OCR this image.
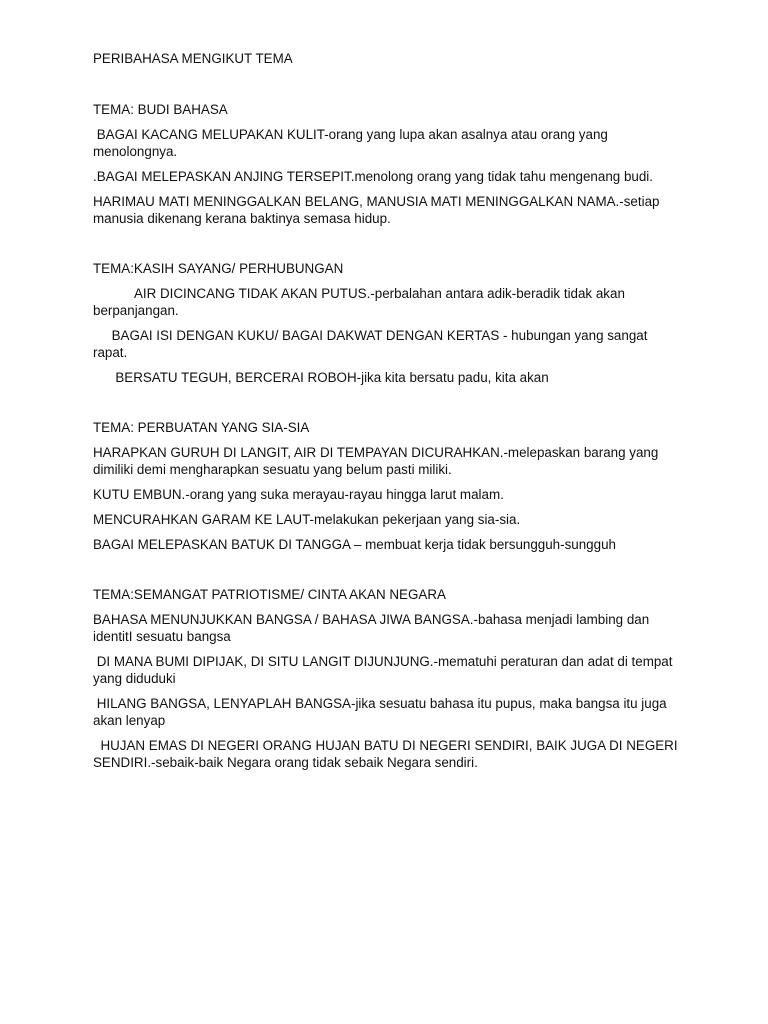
PERIBAHASA MENGIKUT TEMA
TEMA: BUDI BAHASA

BAGAI KACANG MELUPAKAN KULIT-orang yang lupa akan asalnya atau orang yang menolongnya.

.BAGAI MELEPASKAN ANJING TERSEPIT.menolong orang yang tidak tahu mengenang budi.

HARIMAU MATI MENINGGALKAN BELANG, MANUSIA MATI MENINGGALKAN NAMA.-setiap manusia dikenang kerana baktinya semasa hidup.

TEMA:KASIH SAYANG/ PERHUBUNGAN

AIR DICINCANG TIDAK AKAN PUTUS.-perbalahan antara adik-beradik tidak akan berpanjangan.

BAGAI ISI DENGAN KUKU/ BAGAI DAKWAT DENGAN KERTAS - hubungan yang sangat rapat.

BERSATU TEGUH, BERCERAI ROBOH-jika kita bersatu padu, kita akan

TEMA: PERBUATAN YANG SIA-SIA

HARAPKAN GURUH DI LANGIT, AIR DI TEMPAYAN DICURAHKAN.-melepaskan barang yang dimiliki demi mengharapkan sesuatu yang belum pasti miliki.

KUTU EMBUN.-orang yang suka merayau-rayau hingga larut malam.

MENCURAHKAN GARAM KE LAUT-melakukan pekerjaan yang sia-sia.

BAGAI MELEPASKAN BATUK DI TANGGA – membuat kerja tidak bersungguh-sungguh

TEMA:SEMANGAT PATRIOTISME/ CINTA AKAN NEGARA

BAHASA MENUNJUKKAN BANGSA / BAHASA JIWA BANGSA.-bahasa menjadi lambing dan identitI sesuatu bangsa

DI MANA BUMI DIPIJAK, DI SITU LANGIT DIJUNJUNG.-mematuhi peraturan dan adat di tempat yang diduduki

HILANG BANGSA, LENYAPLAH BANGSA-jika sesuatu bahasa itu pupus, maka bangsa itu juga akan lenyap

HUJAN EMAS DI NEGERI ORANG HUJAN BATU DI NEGERI SENDIRI, BAIK JUGA DI NEGERI SENDIRI.-sebaik-baik Negara orang tidak sebaik Negara sendiri.
